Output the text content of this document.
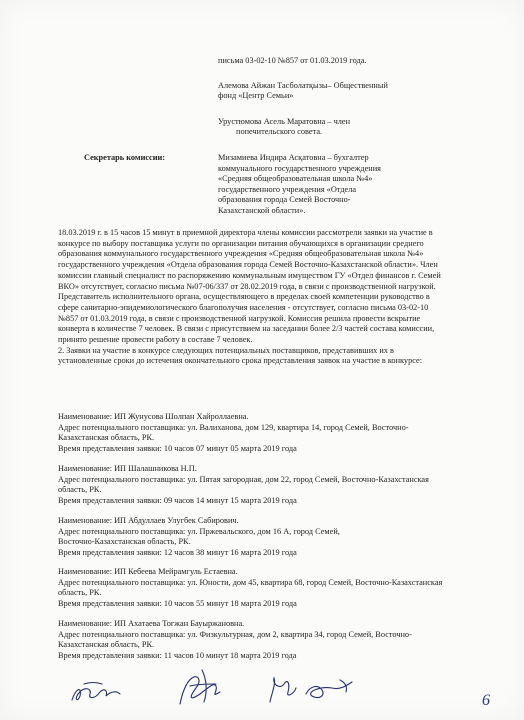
письма 03-02-10 №857 от 01.03.2019 года.
Алемова Айжан Тасболатқызы– Общественный
фонд «Центр Семьи»
Урустюмова Асель Маратовна – член
попечительского совета.
Секретарь комиссии:	Мизамиева Индира Асқатовна – бухгалтер
коммунального государственного учреждения
«Средняя общеобразовательная школа №4»
государственного учреждения «Отдела
образования города Семей Восточно-
Казахстанской области».
18.03.2019 г. в 15 часов 15 минут в приемной директора члены комиссии рассмотрели заявки на участие в
конкурсе по выбору поставщика услуги по организации питания обучающихся в организации среднего
образования коммунального государственного учреждения «Средняя общеобразовательная школа №4»
государственного учреждения «Отдела образования города Семей Восточно-Казахстанской области». Член
комиссии главный специалист по распоряжению коммунальным имуществом ГУ «Отдел финансов г. Семей
ВКО» отсутствует, согласно письма №07-06/337 от 28.02.2019 года, в связи с производственной нагрузкой.
Представитель исполнительного органа, осуществляющего в пределах своей компетенции руководство в
сфере санитарно-эпидемиологического благополучия населения - отсутствует, согласно письма 03-02-10
№857 от 01.03.2019 года, в связи с производственной нагрузкой. Комиссия решила провести вскрытие
конверта в количестве 7 человек. В связи с присутствием на заседании более 2/3 частей состава комиссии,
принято решение провести работу в составе 7 человек.
2. Заявки на участие в конкурсе следующих потенциальных поставщиков, представивших их в
установленные сроки до истечения окончательного срока представления заявок на участие в конкурсе:
Наименование: ИП Жунусова Шолпан Хайроллаевна.
Адрес потенциального поставщика: ул. Валиханова, дом 129, квартира 14, город Семей, Восточно-
Казахстанская область, РК.
Время представления заявки: 10 часов 07 минут 05 марта 2019 года
Наименование: ИП Шалашникова Н.П.
Адрес потенциального поставщика: ул. Пятая загородная, дом 22, город Семей, Восточно-Казахстанская
область, РК.
Время представления заявки: 09 часов 14 минут 15 марта 2019 года
Наименование: ИП Абдуллаев Улугбек Сабирович.
Адрес потенциального поставщика: ул. Пржевальского, дом 16 А, город Семей,
Восточно-Казахстанская область, РК.
Время представления заявки: 12 часов 38 минут 16 марта 2019 года
Наименование: ИП Кебеева Мейрамгуль Естаевна.
Адрес потенциального поставщика: ул. Юности, дом 45, квартира 68, город Семей, Восточно-Казахстанская
область, РК.
Время представления заявки: 10 часов 55 минут 18 марта 2019 года
Наименование: ИП Ахатаева Тогжан Бауыржановна.
Адрес потенциального поставщика: ул. Физкультурная, дом 2, квартира 34, город Семей, Восточно-
Казахстанская область, РК.
Время представления заявки: 11 часов 10 минут 18 марта 2019 года
6
